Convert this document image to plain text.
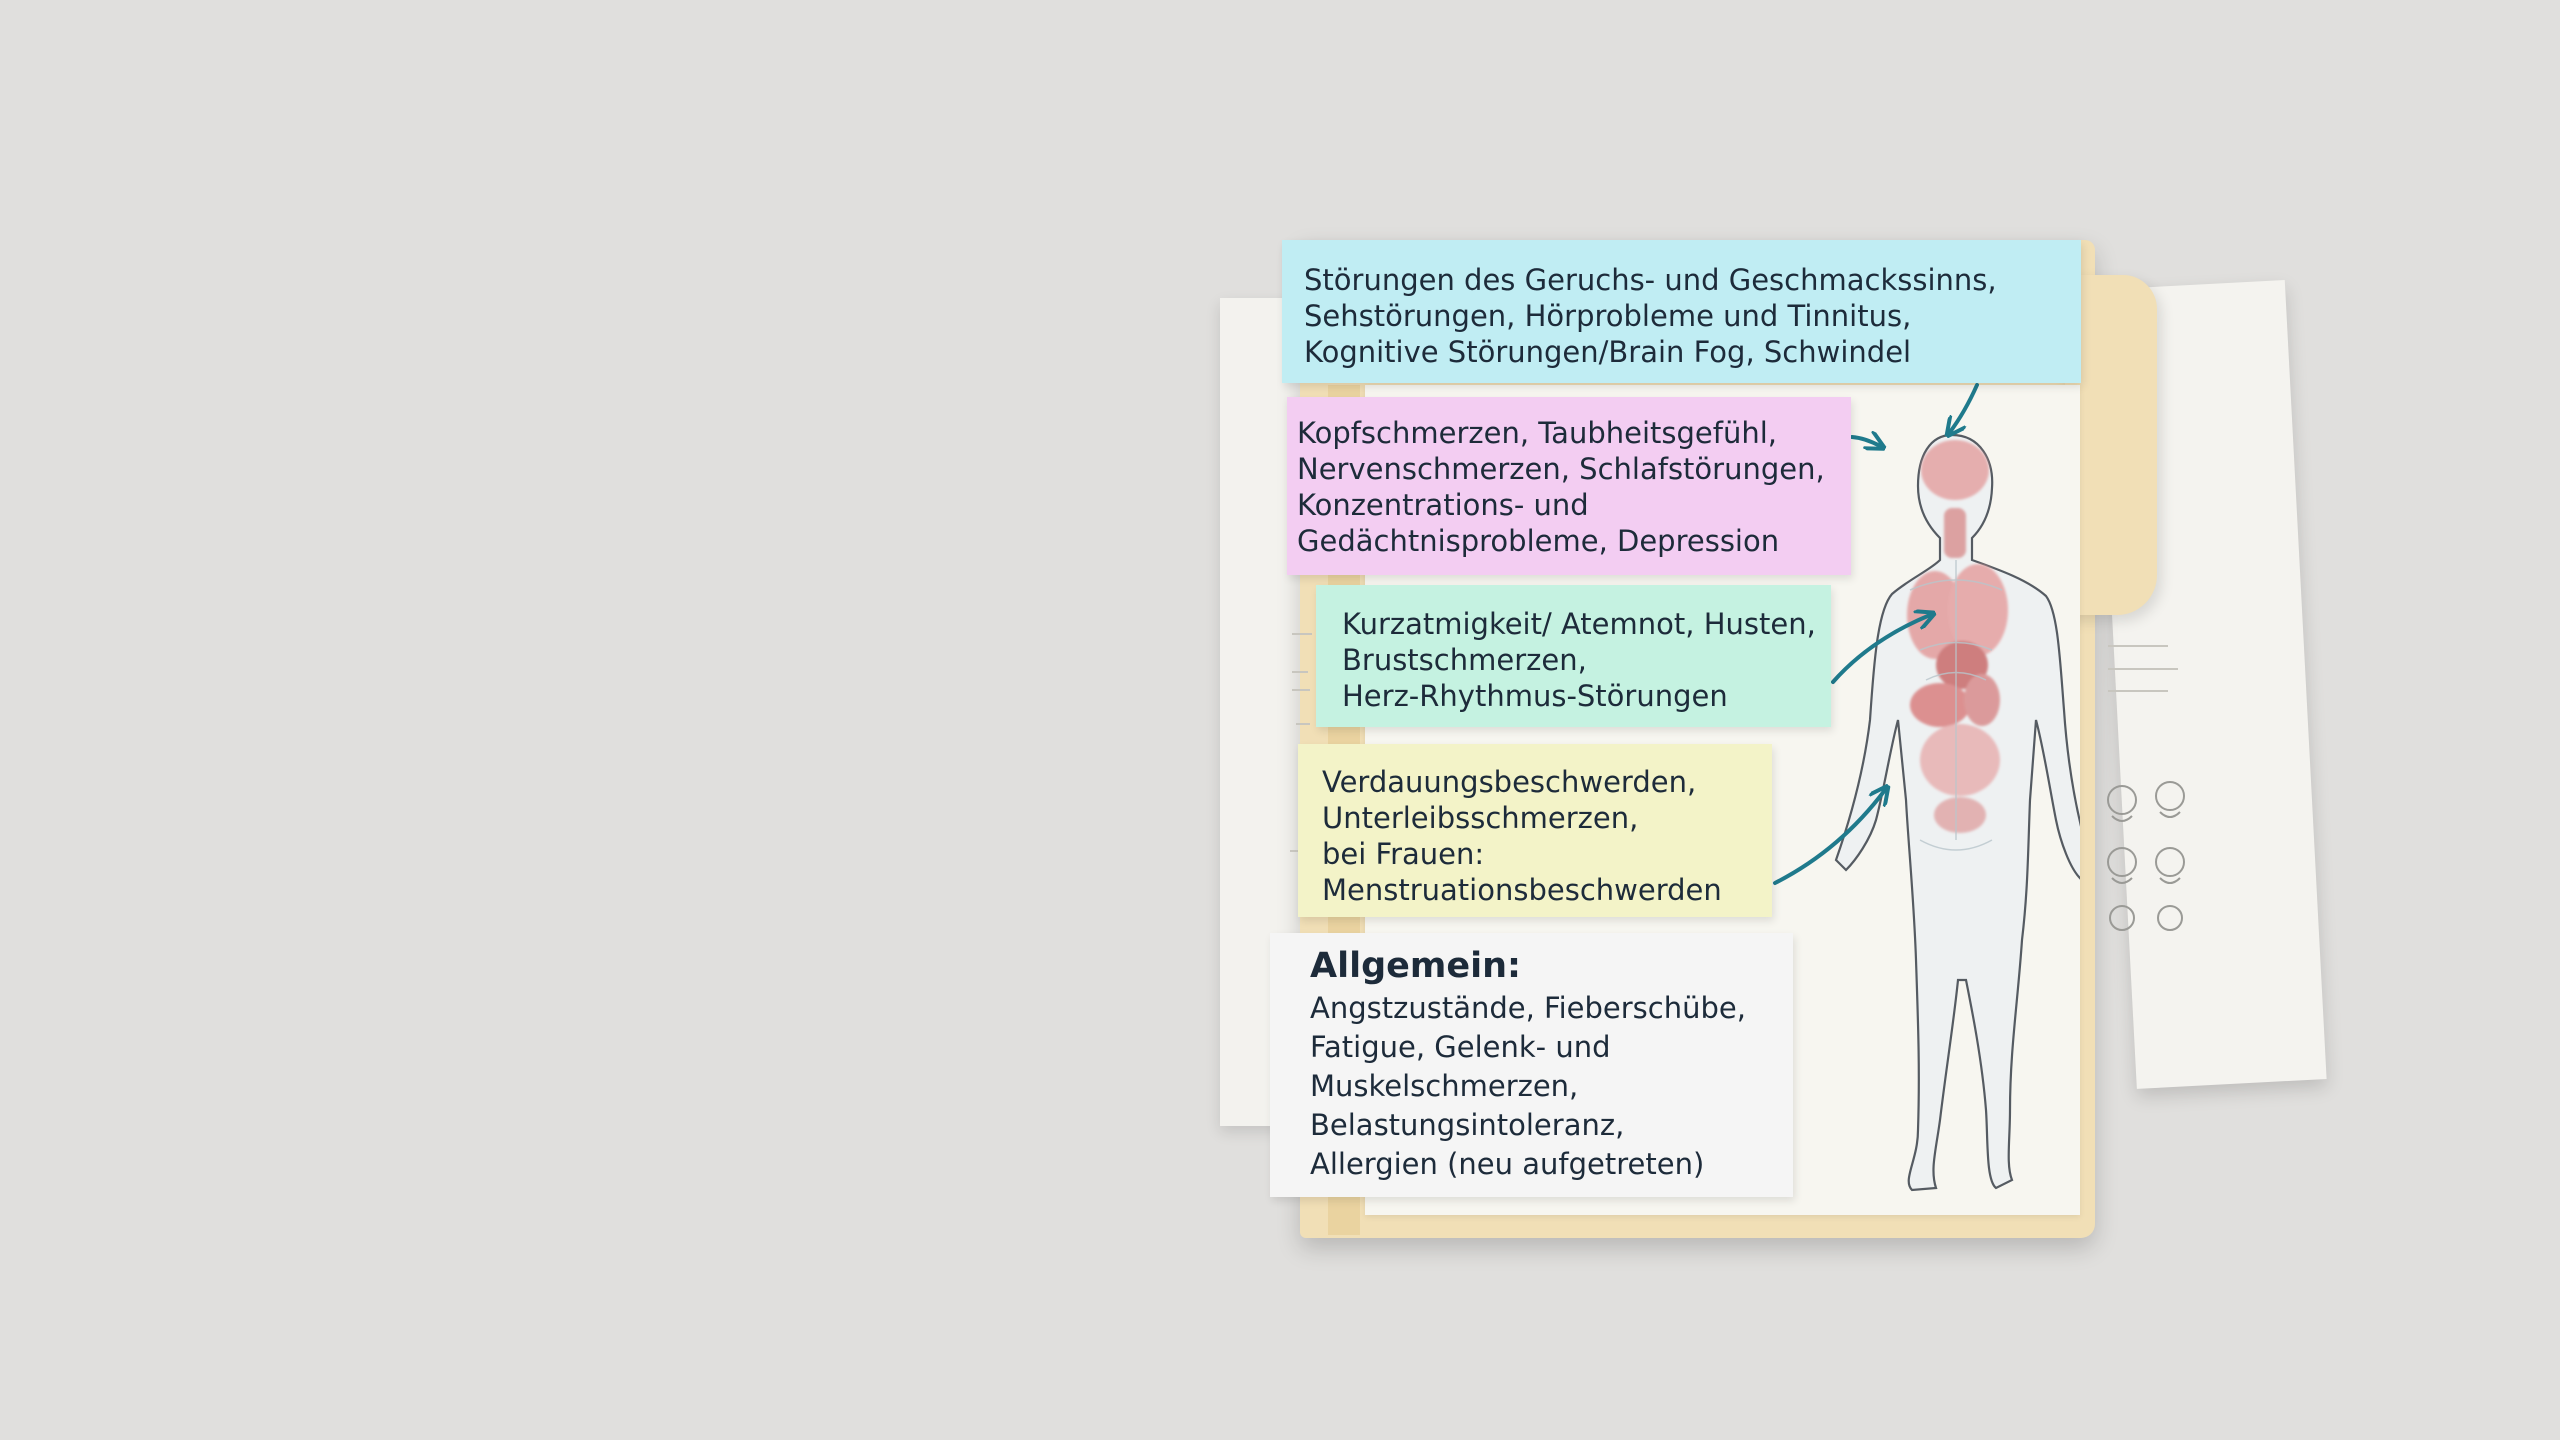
Störungen des Geruchs- und Geschmackssinns,
Sehstörungen, Hörprobleme und Tinnitus,
Kognitive Störungen/Brain Fog, Schwindel
Kopfschmerzen, Taubheitsgefühl,
Nervenschmerzen, Schlafstörungen,
Konzentrations- und
Gedächtnisprobleme, Depression
Kurzatmigkeit/ Atemnot, Husten,
Brustschmerzen,
Herz-Rhythmus-Störungen
Verdauungsbeschwerden,
Unterleibsschmerzen,
bei Frauen:
Menstruationsbeschwerden
Allgemein:
Angstzustände, Fieberschübe,
Fatigue, Gelenk- und
Muskelschmerzen,
Belastungsintoleranz,
Allergien (neu aufgetreten)
